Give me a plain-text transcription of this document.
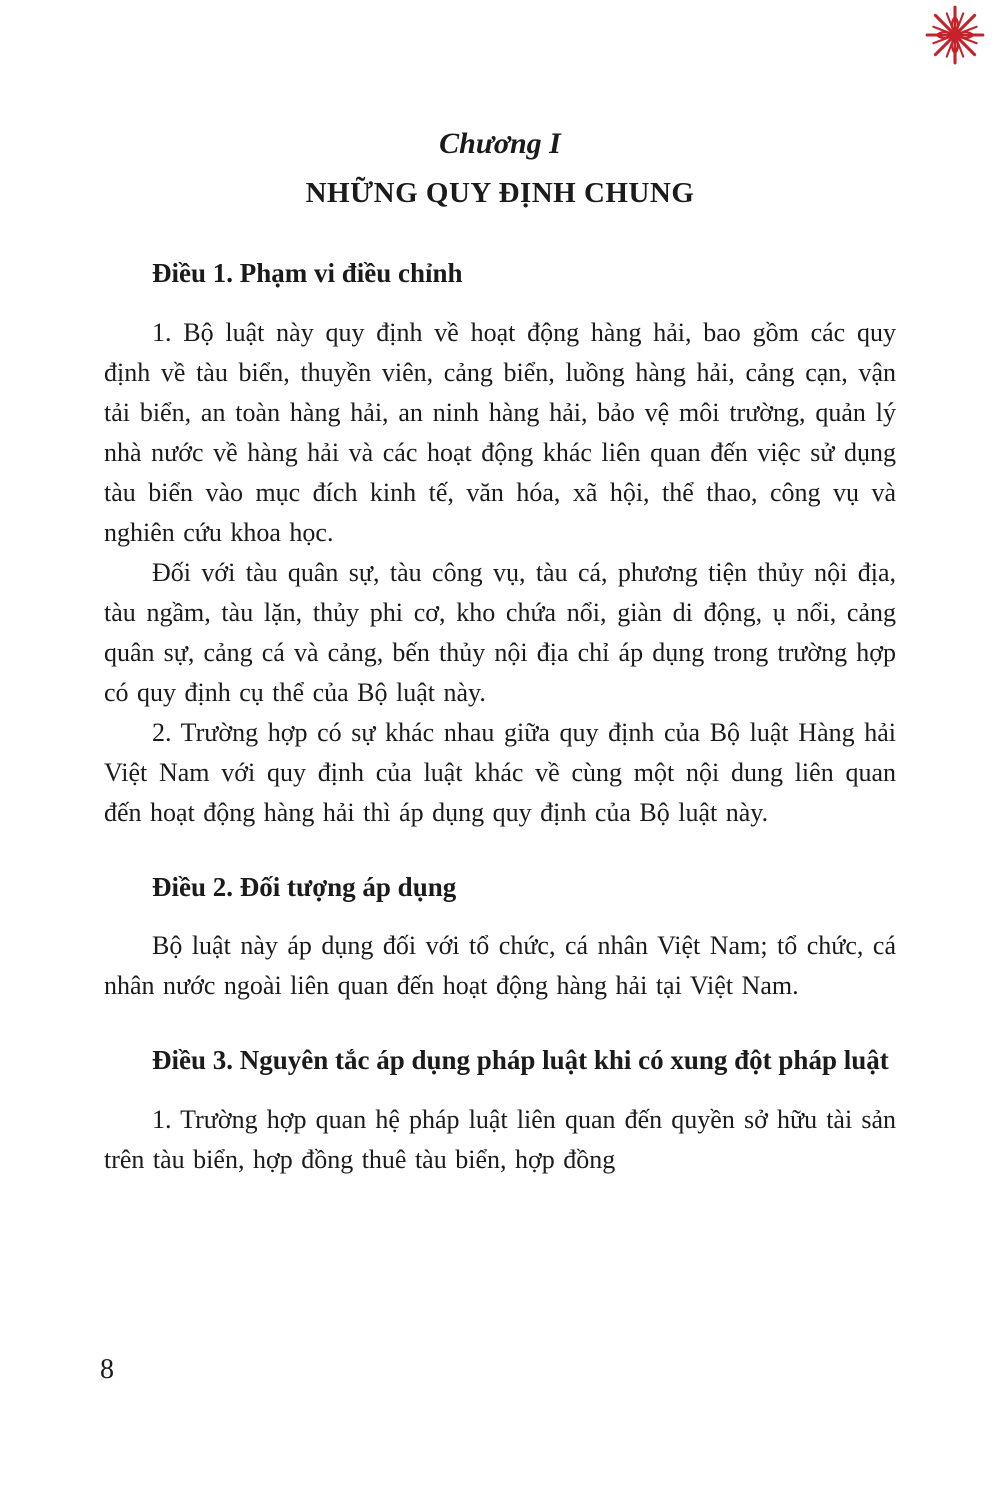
Chương I
NHỮNG QUY ĐỊNH CHUNG
Điều 1. Phạm vi điều chỉnh

1. Bộ luật này quy định về hoạt động hàng hải, bao gồm các quy định về tàu biển, thuyền viên, cảng biển, luồng hàng hải, cảng cạn, vận tải biển, an toàn hàng hải, an ninh hàng hải, bảo vệ môi trường, quản lý nhà nước về hàng hải và các hoạt động khác liên quan đến việc sử dụng tàu biển vào mục đích kinh tế, văn hóa, xã hội, thể thao, công vụ và nghiên cứu khoa học.

Đối với tàu quân sự, tàu công vụ, tàu cá, phương tiện thủy nội địa, tàu ngầm, tàu lặn, thủy phi cơ, kho chứa nổi, giàn di động, ụ nổi, cảng quân sự, cảng cá và cảng, bến thủy nội địa chỉ áp dụng trong trường hợp có quy định cụ thể của Bộ luật này.

2. Trường hợp có sự khác nhau giữa quy định của Bộ luật Hàng hải Việt Nam với quy định của luật khác về cùng một nội dung liên quan đến hoạt động hàng hải thì áp dụng quy định của Bộ luật này.

Điều 2. Đối tượng áp dụng

Bộ luật này áp dụng đối với tổ chức, cá nhân Việt Nam; tổ chức, cá nhân nước ngoài liên quan đến hoạt động hàng hải tại Việt Nam.

Điều 3. Nguyên tắc áp dụng pháp luật khi có xung đột pháp luật

1. Trường hợp quan hệ pháp luật liên quan đến quyền sở hữu tài sản trên tàu biển, hợp đồng thuê tàu biển, hợp đồng

8
